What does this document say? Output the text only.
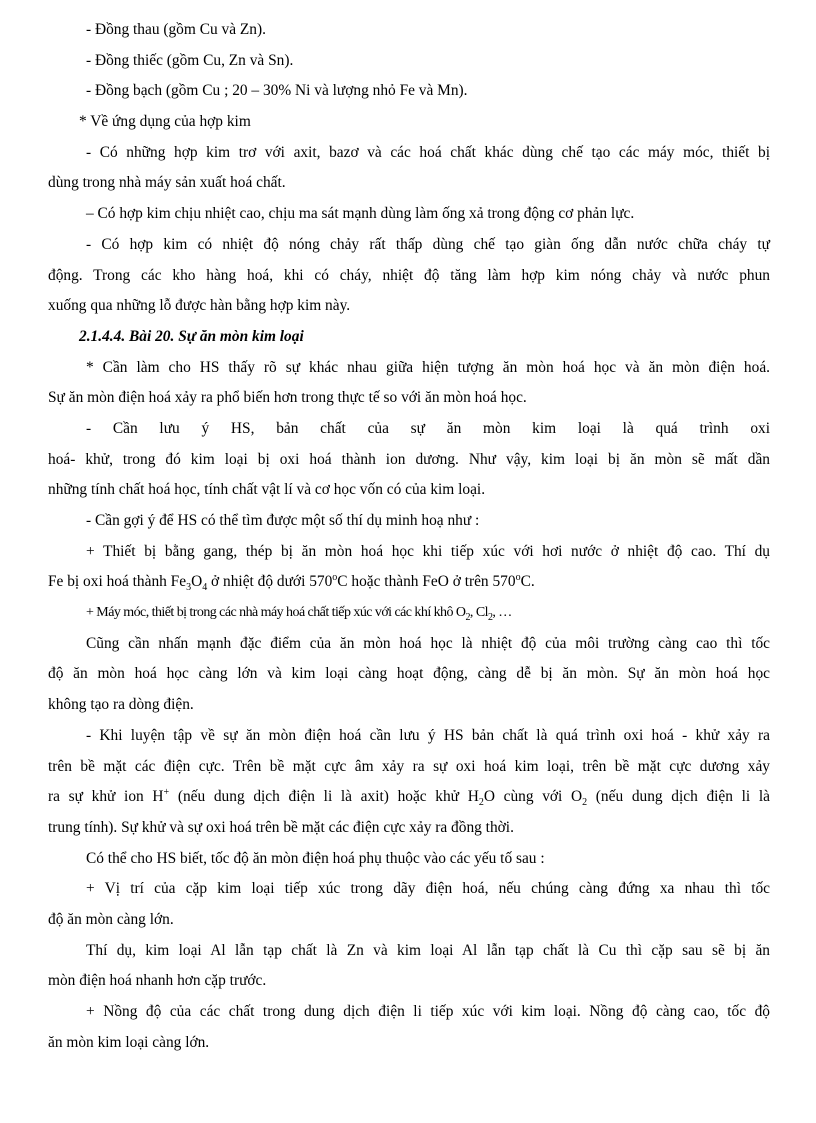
- Đồng thau (gồm Cu và Zn).

- Đồng thiếc (gồm Cu, Zn và Sn).

- Đồng bạch (gồm Cu ; 20 – 30% Ni và lượng nhỏ Fe và Mn).

* Về ứng dụng của hợp kim

- Có những hợp kim trơ với axit, bazơ và các hoá chất khác dùng chế tạo các máy móc, thiết bị

dùng trong nhà máy sản xuất hoá chất.

– Có hợp kim chịu nhiệt cao, chịu ma sát mạnh dùng làm ống xả trong động cơ phản lực.

- Có hợp kim có nhiệt độ nóng chảy rất thấp dùng chế tạo giàn ống dẫn nước chữa cháy tự

động. Trong các kho hàng hoá, khi có cháy, nhiệt độ tăng làm hợp kim nóng chảy và nước phun

xuống qua những lỗ được hàn bằng hợp kim này.

2.1.4.4. Bài 20. Sự ăn mòn kim loại

* Cần làm cho HS thấy rõ sự khác nhau giữa hiện tượng ăn mòn hoá học và ăn mòn điện hoá.

Sự ăn mòn điện hoá xảy ra phổ biến hơn trong thực tế so với ăn mòn hoá học.

- Cần lưu ý HS, bản chất của sự ăn mòn kim loại là quá trình oxi

hoá- khử, trong đó kim loại bị oxi hoá thành ion dương. Như vậy, kim loại bị ăn mòn sẽ mất dần

những tính chất hoá học, tính chất vật lí và cơ học vốn có của kim loại.

- Cần gợi ý để HS có thể tìm được một số thí dụ minh hoạ như :

+ Thiết bị bằng gang, thép bị ăn mòn hoá học khi tiếp xúc với hơi nước ở nhiệt độ cao. Thí dụ

Fe bị oxi hoá thành $Fe_3O_4$ ở nhiệt độ dưới 570$^o$C hoặc thành FeO ở trên 570$^o$C.

+ Máy móc, thiết bị trong các nhà máy hoá chất tiếp xúc với các khí khô $O_2$, $Cl_2$, …

Cũng cần nhấn mạnh đặc điểm của ăn mòn hoá học là nhiệt độ của môi trường càng cao thì tốc

độ ăn mòn hoá học càng lớn và kim loại càng hoạt động, càng dễ bị ăn mòn. Sự ăn mòn hoá học

không tạo ra dòng điện.

- Khi luyện tập về sự ăn mòn điện hoá cần lưu ý HS bản chất là quá trình oxi hoá - khử xảy ra

trên bề mặt các điện cực. Trên bề mặt cực âm xảy ra sự oxi hoá kim loại, trên bề mặt cực dương xảy

ra sự khử ion H+ (nếu dung dịch điện li là axit) hoặc khử $H_2O$ cùng với $O_2$ (nếu dung dịch điện li là

trung tính). Sự khử và sự oxi hoá trên bề mặt các điện cực xảy ra đồng thời.

Có thể cho HS biết, tốc độ ăn mòn điện hoá phụ thuộc vào các yếu tố sau :

+ Vị trí của cặp kim loại tiếp xúc trong dãy điện hoá, nếu chúng càng đứng xa nhau thì tốc

độ ăn mòn càng lớn.

Thí dụ, kim loại Al lẫn tạp chất là Zn và kim loại Al lẫn tạp chất là Cu thì cặp sau sẽ bị ăn

mòn điện hoá nhanh hơn cặp trước.

+ Nồng độ của các chất trong dung dịch điện li tiếp xúc với kim loại. Nồng độ càng cao, tốc độ

ăn mòn kim loại càng lớn.
